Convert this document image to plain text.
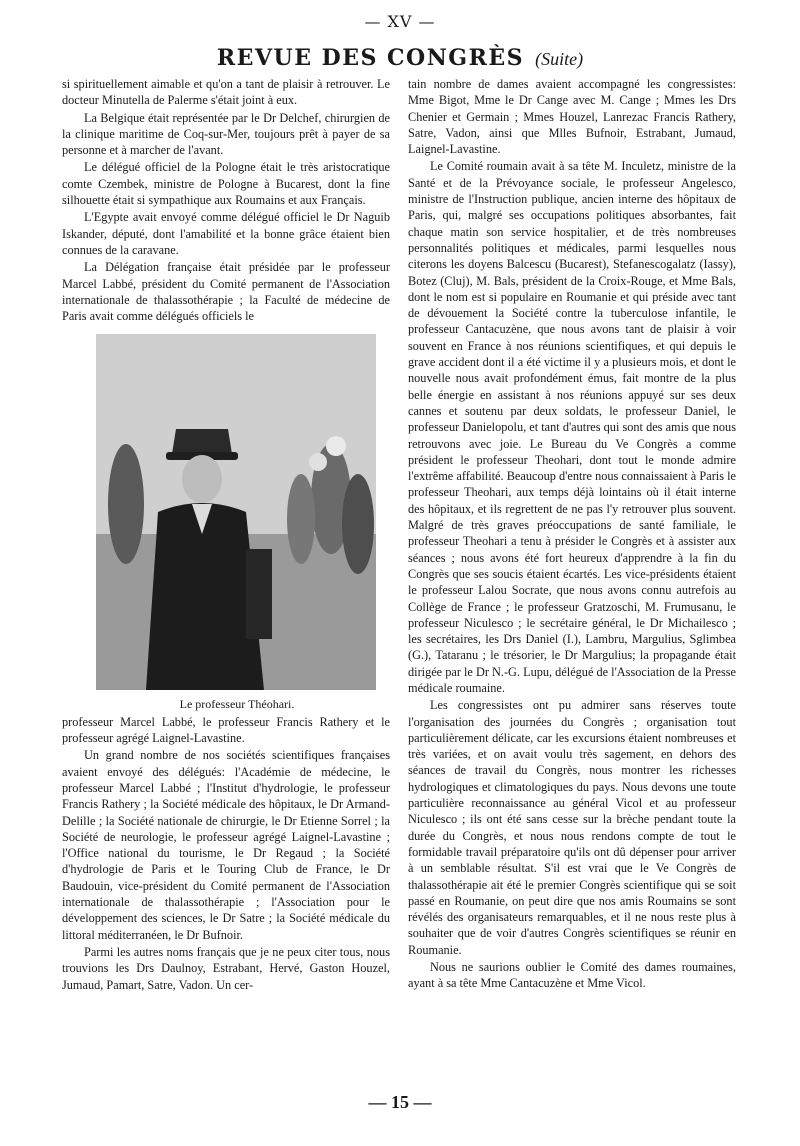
— XV —
REVUE DES CONGRÈS (Suite)

si spirituellement aimable et qu'on a tant de plaisir à retrouver. Le docteur Minutella de Palerme s'était joint à eux.

La Belgique était représentée par le Dr Delchef, chirurgien de la clinique maritime de Coq-sur-Mer, toujours prêt à payer de sa personne et à marcher de l'avant.

Le délégué officiel de la Pologne était le très aristocratique comte Czembek, ministre de Pologne à Bucarest, dont la fine silhouette était si sympathique aux Roumains et aux Français.

L'Egypte avait envoyé comme délégué officiel le Dr Naguib Iskander, député, dont l'amabilité et la bonne grâce étaient bien connues de la caravane.

La Délégation française était présidée par le professeur Marcel Labbé, président du Comité permanent de l'Association internationale de thalassothérapie ; la Faculté de médecine de Paris avait comme délégués officiels le

Le professeur Théohari.

professeur Marcel Labbé, le professeur Francis Rathery et le professeur agrégé Laignel-Lavastine.

Un grand nombre de nos sociétés scientifiques françaises avaient envoyé des délégués: l'Académie de médecine, le professeur Marcel Labbé ; l'Institut d'hydrologie, le professeur Francis Rathery ; la Société médicale des hôpitaux, le Dr Armand-Delille ; la Société nationale de chirurgie, le Dr Etienne Sorrel ; la Société de neurologie, le professeur agrégé Laignel-Lavastine ; l'Office national du tourisme, le Dr Regaud ; la Société d'hydrologie de Paris et le Touring Club de France, le Dr Baudouin, vice-président du Comité permanent de l'Association internationale de thalassothérapie ; l'Association pour le développement des sciences, le Dr Satre ; la Société médicale du littoral méditerranéen, le Dr Bufnoir.

Parmi les autres noms français que je ne peux citer tous, nous trouvions les Drs Daulnoy, Estrabant, Hervé, Gaston Houzel, Jumaud, Pamart, Satre, Vadon. Un cer-

tain nombre de dames avaient accompagné les congressistes: Mme Bigot, Mme le Dr Cange avec M. Cange ; Mmes les Drs Chenier et Germain ; Mmes Houzel, Lanrezac Francis Rathery, Satre, Vadon, ainsi que Mlles Bufnoir, Estrabant, Jumaud, Laignel-Lavastine.

Le Comité roumain avait à sa tête M. Inculetz, ministre de la Santé et de la Prévoyance sociale, le professeur Angelesco, ministre de l'Instruction publique, ancien interne des hôpitaux de Paris, qui, malgré ses occupations politiques absorbantes, fait chaque matin son service hospitalier, et de très nombreuses personnalités politiques et médicales, parmi lesquelles nous citerons les doyens Balcescu (Bucarest), Stefanescogalatz (Iassy), Botez (Cluj), M. Bals, président de la Croix-Rouge, et Mme Bals, dont le nom est si populaire en Roumanie et qui préside avec tant de dévouement la Société contre la tuberculose infantile, le professeur Cantacuzène, que nous avons tant de plaisir à voir souvent en France à nos réunions scientifiques, et qui depuis le grave accident dont il a été victime il y a plusieurs mois, et dont le nouvelle nous avait profondément émus, fait montre de la plus belle énergie en assistant à nos réunions appuyé sur ses deux cannes et soutenu par deux soldats, le professeur Daniel, le professeur Danielopolu, et tant d'autres qui sont des amis que nous retrouvons avec joie. Le Bureau du Ve Congrès a comme président le professeur Theohari, dont tout le monde admire l'extrême affabilité. Beaucoup d'entre nous connaissaient à Paris le professeur Theohari, aux temps déjà lointains où il était interne des hôpitaux, et ils regrettent de ne pas l'y retrouver plus souvent. Malgré de très graves préoccupations de santé familiale, le professeur Theohari a tenu à présider le Congrès et à assister aux séances ; nous avons été fort heureux d'apprendre à la fin du Congrès que ses soucis étaient écartés. Les vice-présidents étaient le professeur Lalou Socrate, que nous avons connu autrefois au Collège de France ; le professeur Gratzoschi, M. Frumusanu, le professeur Niculesco ; le secrétaire général, le Dr Michailesco ; les secrétaires, les Drs Daniel (I.), Lambru, Margulius, Sglimbea (G.), Tataranu ; le trésorier, le Dr Margulius; la propagande était dirigée par le Dr N.-G. Lupu, délégué de l'Association de la Presse médicale roumaine.

Les congressistes ont pu admirer sans réserves toute l'organisation des journées du Congrès ; organisation tout particulièrement délicate, car les excursions étaient nombreuses et très variées, et on avait voulu très sagement, en dehors des séances de travail du Congrès, nous montrer les richesses hydrologiques et climatologiques du pays. Nous devons une toute particulière reconnaissance au général Vicol et au professeur Niculesco ; ils ont été sans cesse sur la brèche pendant toute la durée du Congrès, et nous nous rendons compte de tout le formidable travail préparatoire qu'ils ont dû dépenser pour arriver à un semblable résultat. S'il est vrai que le Ve Congrès de thalassothérapie ait été le premier Congrès scientifique qui se soit passé en Roumanie, on peut dire que nos amis Roumains se sont révélés des organisateurs remarquables, et il ne nous reste plus à souhaiter que de voir d'autres Congrès scientifiques se réunir en Roumanie.

Nous ne saurions oublier le Comité des dames roumaines, ayant à sa tête Mme Cantacuzène et Mme Vicol.

— 15 —
